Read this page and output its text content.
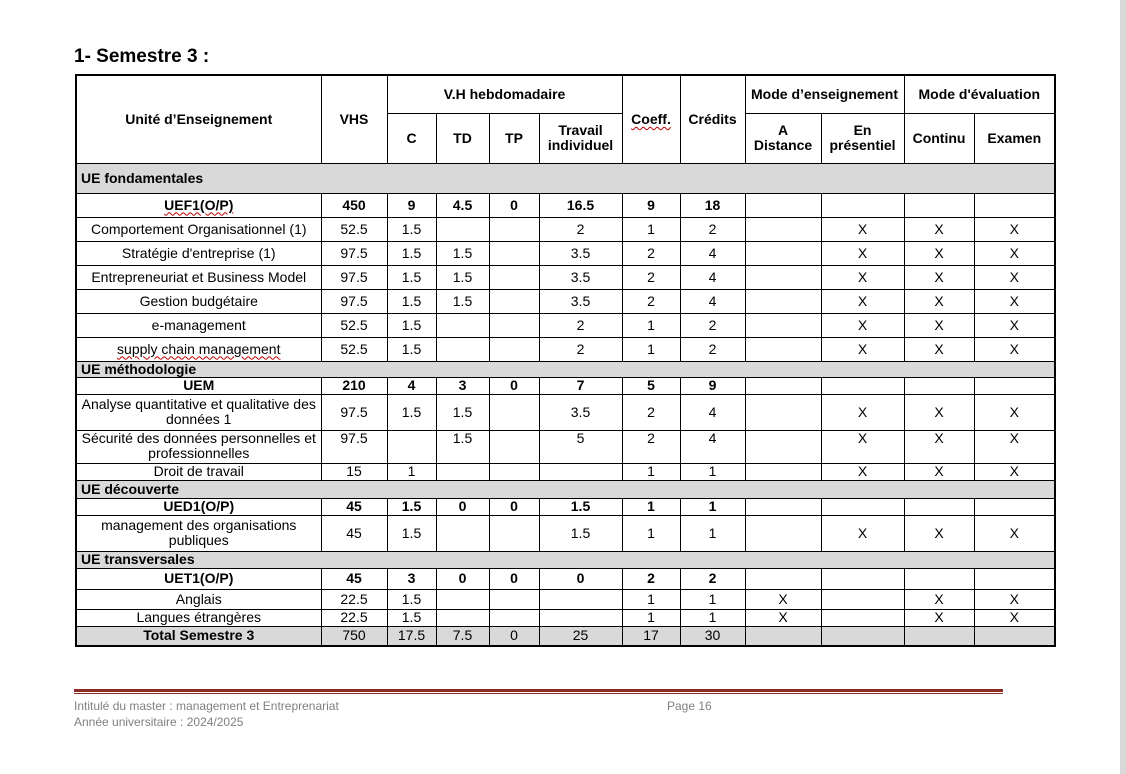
1- Semestre 3 :
Unité d’Enseignement	VHS	V.H hebdomadaire				Coeff.	Crédits	Mode d’enseignement		Mode d'évaluation	
		C	TD	TP	Travail individuel			A Distance	En présentiel	Continu	Examen
UE fondamentales											
UEF1(O/P)	450	9	4.5	0	16.5	9	18				
Comportement Organisationnel (1)	52.5	1.5			2	1	2		X	X	X
Stratégie d'entreprise (1)	97.5	1.5	1.5		3.5	2	4		X	X	X
Entrepreneuriat et Business Model	97.5	1.5	1.5		3.5	2	4		X	X	X
Gestion budgétaire	97.5	1.5	1.5		3.5	2	4		X	X	X
e-management	52.5	1.5			2	1	2		X	X	X
supply chain management	52.5	1.5			2	1	2		X	X	X
UE méthodologie											
UEM	210	4	3	0	7	5	9				
Analyse quantitative et qualitative des données 1	97.5	1.5	1.5		3.5	2	4		X	X	X
Sécurité des données personnelles et professionnelles	97.5		1.5		5	2	4		X	X	X
Droit de travail	15	1				1	1		X	X	X
UE découverte											
UED1(O/P)	45	1.5	0	0	1.5	1	1				
management des organisations publiques	45	1.5			1.5	1	1		X	X	X
UE transversales											
UET1(O/P)	45	3	0	0	0	2	2				
Anglais	22.5	1.5				1	1	X		X	X
Langues étrangères	22.5	1.5				1	1	X		X	X
Total Semestre 3	750	17.5	7.5	0	25	17	30				
Intitulé du master : management et Entreprenariat
Année universitaire : 2024/2025
Page 16
